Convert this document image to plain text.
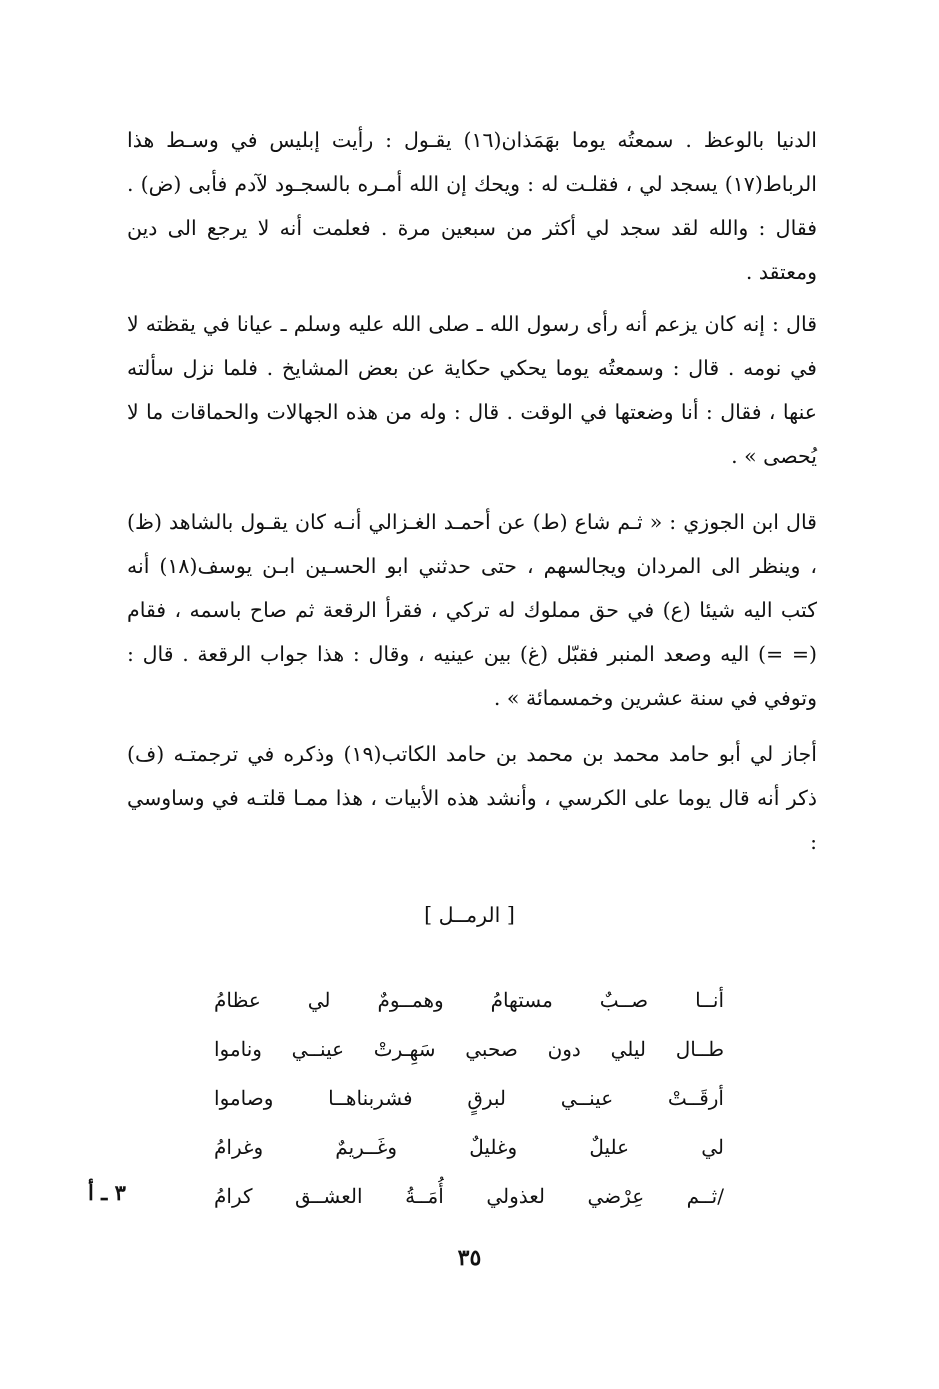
الدنيا بالوعظ . سمعتُه يوما بهَمَذان(١٦) يقـول : رأيت إبليس في وسـط هذا الرباط(١٧) يسجد لي ، فقلـت له : ويحك إن الله أمـره بالسجـود لآدم فأبى (ض) . فقال : والله لقد سجد لي أكثر من سبعين مرة . فعلمت أنه لا يرجع الى دين ومعتقد .

قال : إنه كان يزعم أنه رأى رسول الله ـ صلى الله عليه وسلم ـ عيانا في يقظته لا في نومه . قال : وسمعتُه يوما يحكي حكاية عن بعض المشايخ . فلما نزل سألته عنها ، فقال : أنا وضعتها في الوقت . قال : وله من هذه الجهالات والحماقات ما لا يُحصى » .

قال ابن الجوزي : « ثـم شاع (ط) عن أحمـد الغـزالي أنـه كان يقـول بالشاهد (ظ) ، وينظر الى المردان ويجالسهم ، حتى حدثني ابو الحسـين ابـن يوسف(١٨) أنه كتب اليه شيئا (ع) في حق مملوك له تركي ، فقرأ الرقعة ثم صاح باسمه ، فقام (= =) اليه وصعد المنبر فقبّل (غ) بين عينيه ، وقال : هذا جواب الرقعة . قال : وتوفي في سنة عشرين وخمسمائة » .

أجاز لي أبو حامد محمد بن محمد بن حامد الكاتب(١٩) وذكره في ترجمتـه (ف) ذكر أنه قال يوما على الكرسي ، وأنشد هذه الأبيات ، هذا ممـا قلتـه في وساوسي :

[ الرمــل ]
أنــا
صــبٌ
مستهامُ
وهمــومٌ
لي
عظامُ
طــال
ليلي
دون
صحبي
سَهِـرتْ
عينــي
وناموا
أرقَــتْ
عينــي
لبرقٍ
فشربناهــا
وصاموا
لي
عليلٌ
وغليلٌ
وغَــريمٌ
وغرامُ
/ثــم
عِرْضي
لعذولي
أُمَــةُ
العشــق
كرامُ
٣ ـ أ
٣٥
